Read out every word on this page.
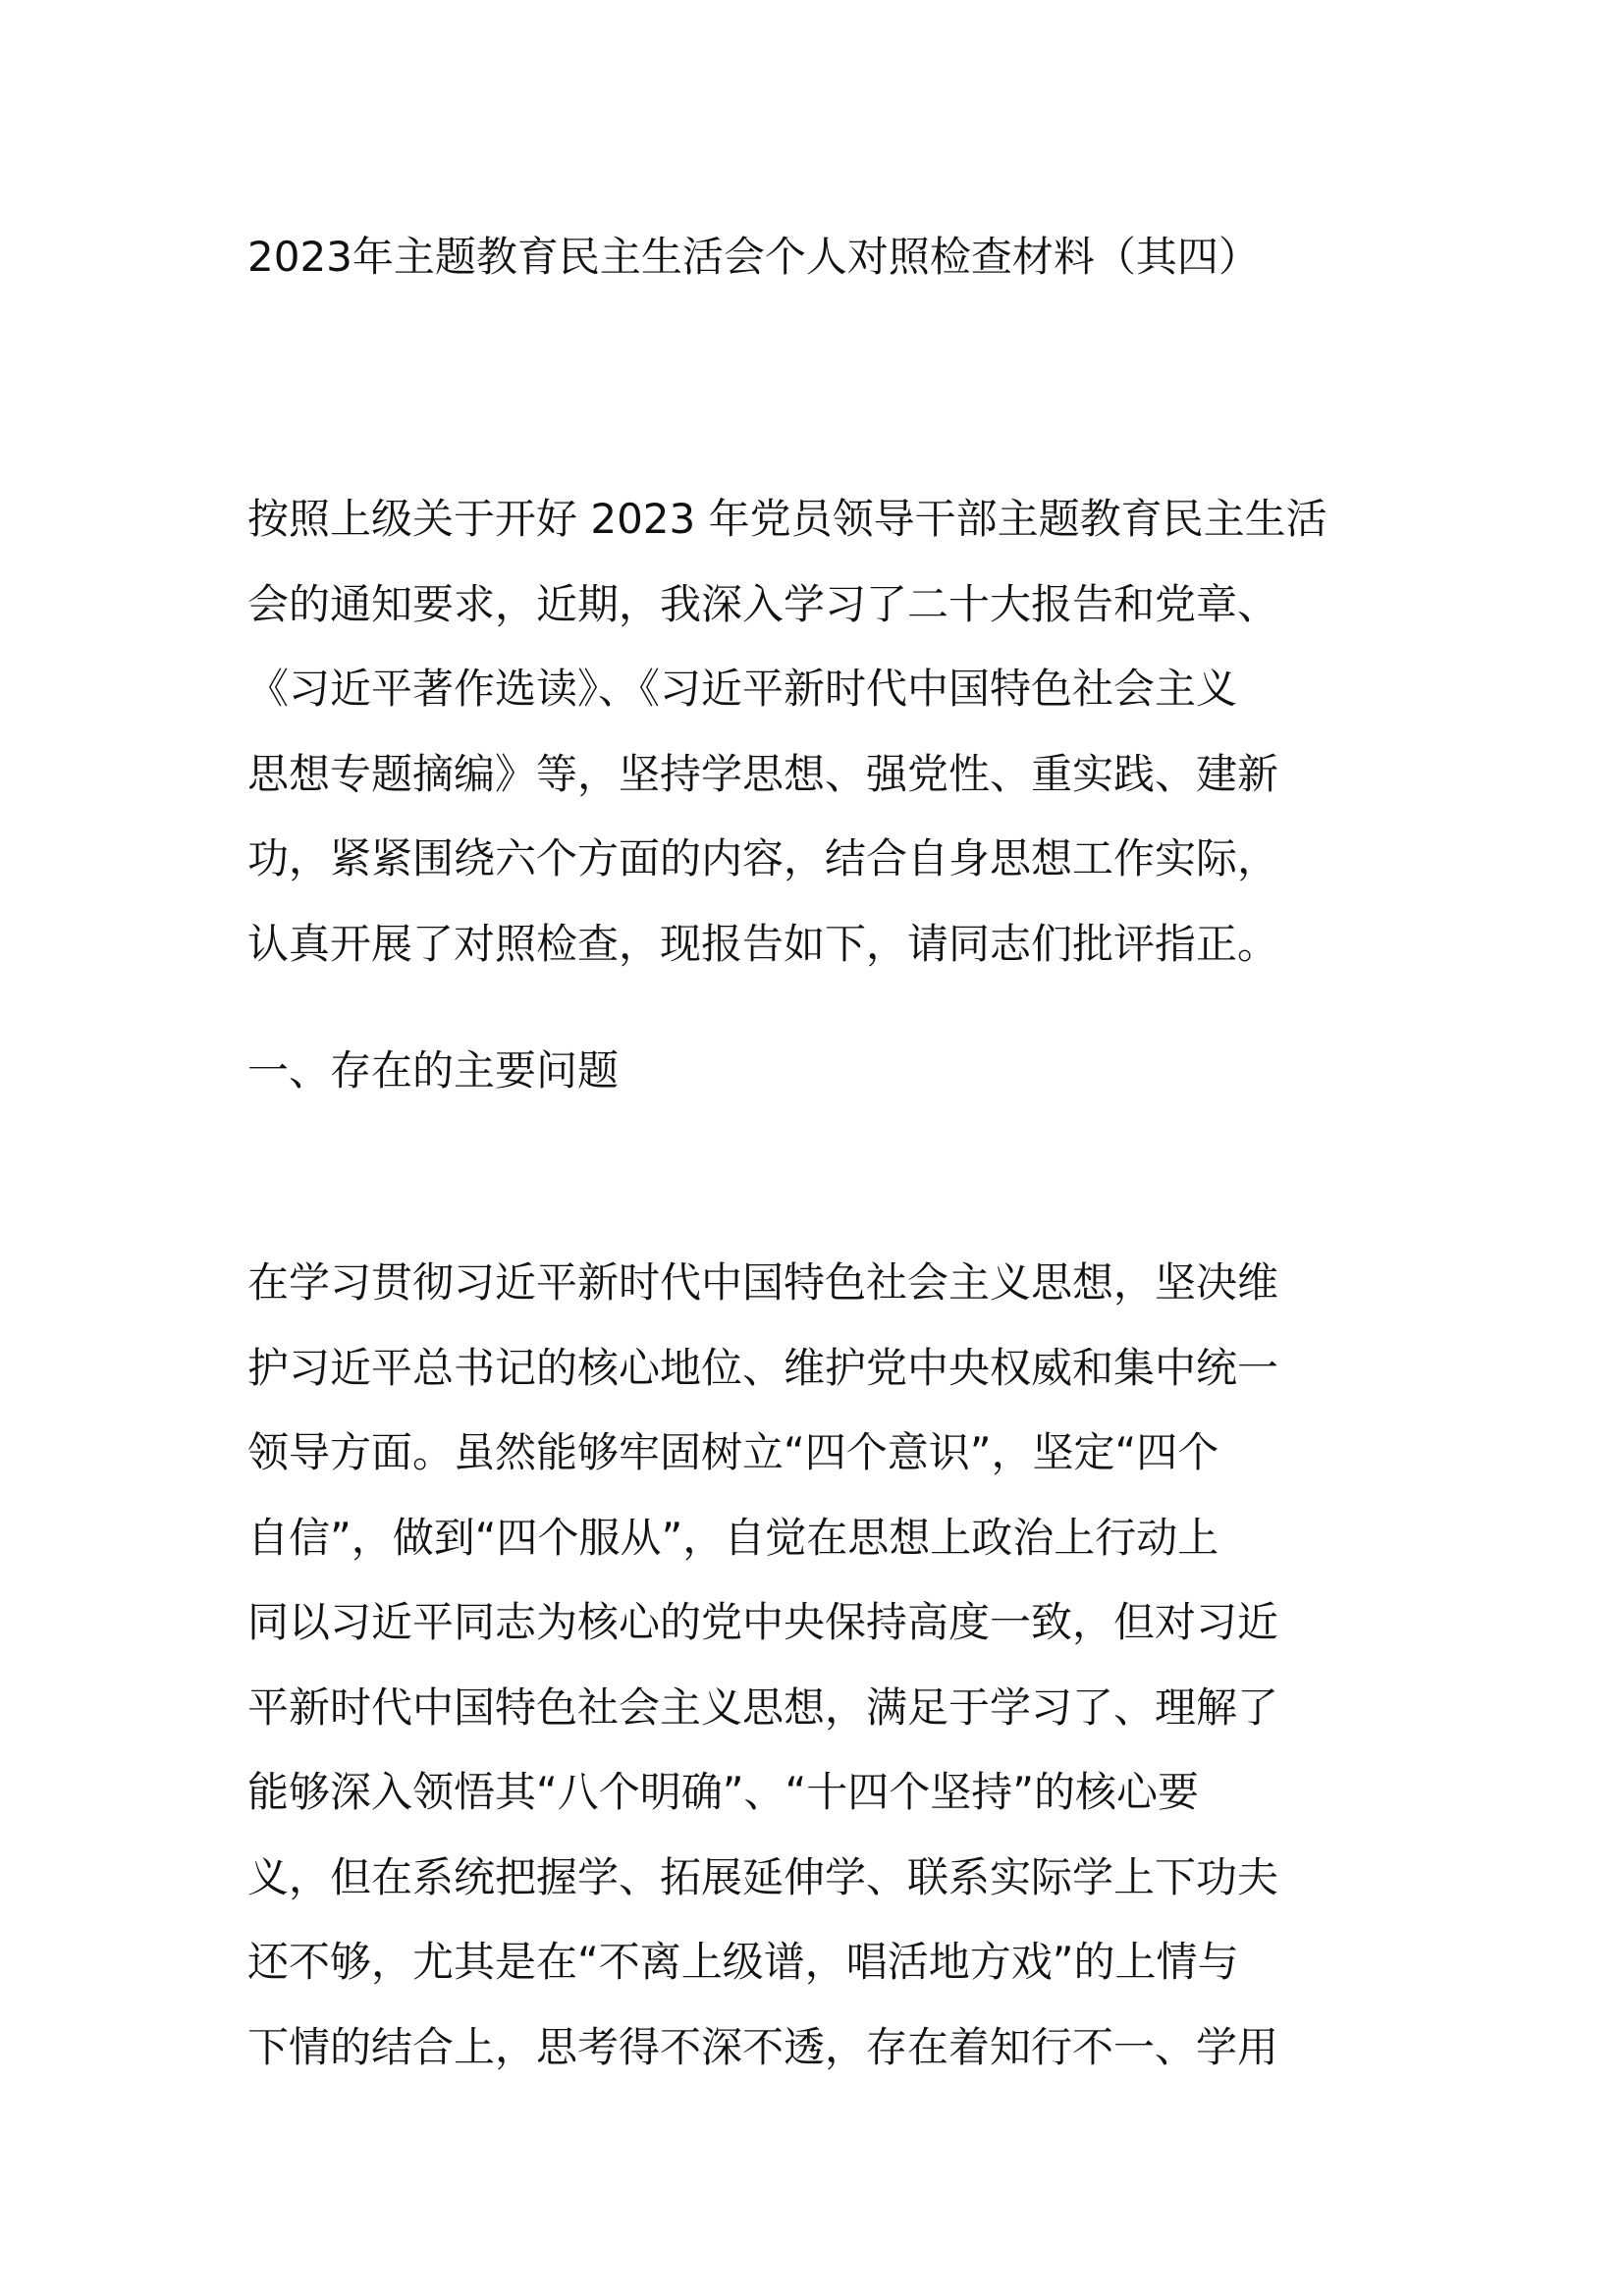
2023年主题教育民主生活会个人对照检查材料（其四）
按照上级关于开好 2023 年党员领导干部主题教育民主生活
会的通知要求，近期，我深入学习了二十大报告和党章、
《习近平著作选读》、《习近平新时代中国特色社会主义
思想专题摘编》等，坚持学思想、强党性、重实践、建新
功，紧紧围绕六个方面的内容，结合自身思想工作实际，
认真开展了对照检查，现报告如下，请同志们批评指正。
一、存在的主要问题
在学习贯彻习近平新时代中国特色社会主义思想，坚决维
护习近平总书记的核心地位、维护党中央权威和集中统一
领导方面。虽然能够牢固树立“四个意识”，坚定“四个
自信”，做到“四个服从”，自觉在思想上政治上行动上
同以习近平同志为核心的党中央保持高度一致，但对习近
平新时代中国特色社会主义思想，满足于学习了、理解了
能够深入领悟其“八个明确”、“十四个坚持”的核心要
义，但在系统把握学、拓展延伸学、联系实际学上下功夫
还不够，尤其是在“不离上级谱，唱活地方戏”的上情与
下情的结合上，思考得不深不透，存在着知行不一、学用
